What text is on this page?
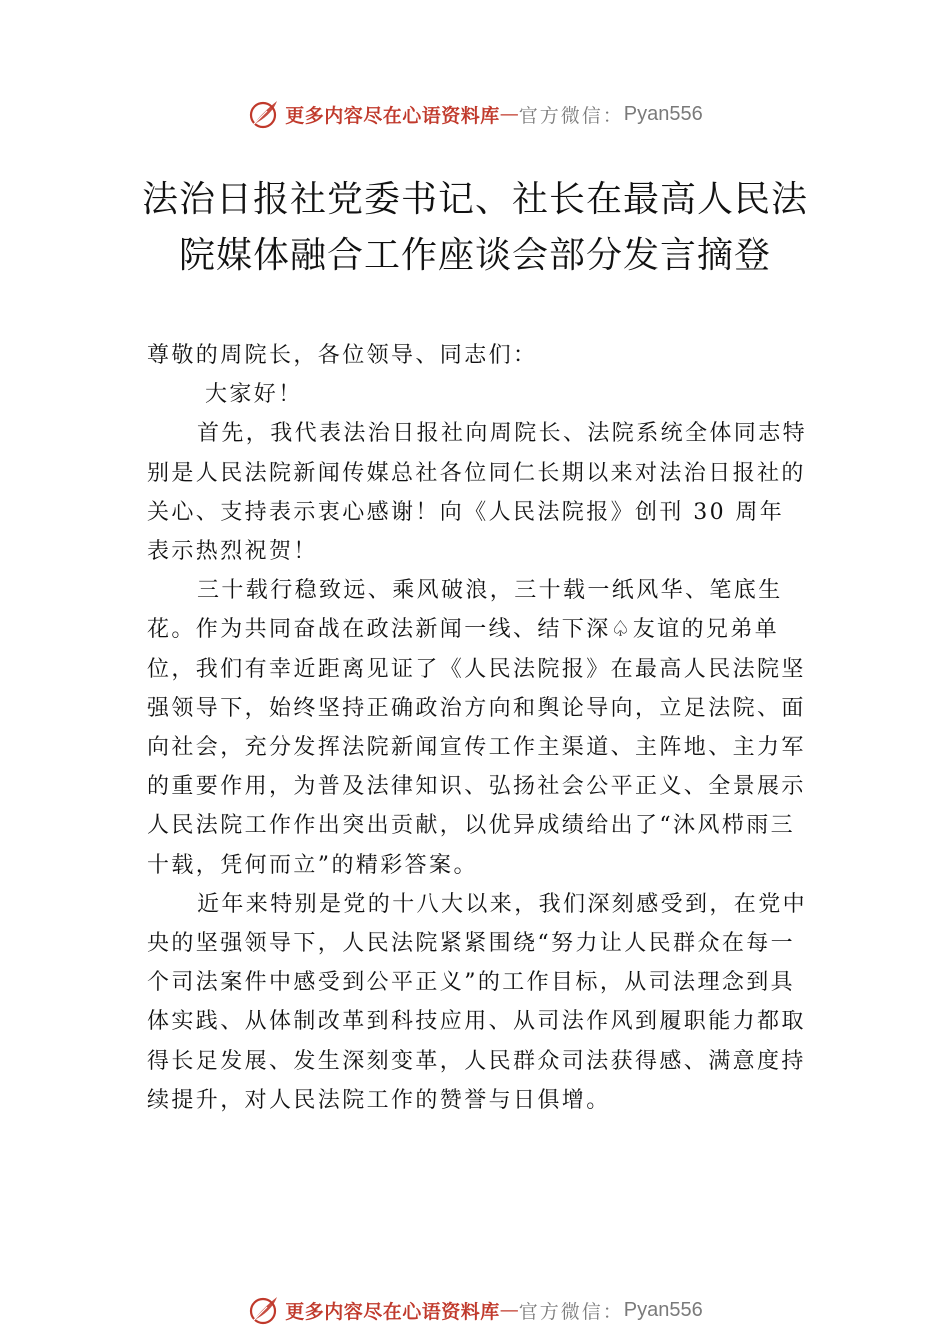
更多内容尽在心语资料库 — 官方微信： Pyan556
法治日报社党委书记、社长在最高人民法
院媒体融合工作座谈会部分发言摘登

尊敬的周院长，各位领导、同志们：

大家好！

首先，我代表法治日报社向周院长、法院系统全体同志特别是人民法院新闻传媒总社各位同仁长期以来对法治日报社的关心、支持表示衷心感谢！向《人民法院报》创刊 30 周年表示热烈祝贺！

三十载行稳致远、乘风破浪，三十载一纸风华、笔底生花。作为共同奋战在政法新闻一线、结下深♤友谊的兄弟单位，我们有幸近距离见证了《人民法院报》在最高人民法院坚强领导下，始终坚持正确政治方向和舆论导向，立足法院、面向社会，充分发挥法院新闻宣传工作主渠道、主阵地、主力军的重要作用，为普及法律知识、弘扬社会公平正义、全景展示人民法院工作作出突出贡献，以优异成绩给出了“沐风栉雨三十载，凭何而立”的精彩答案。

近年来特别是党的十八大以来，我们深刻感受到，在党中央的坚强领导下，人民法院紧紧围绕“努力让人民群众在每一个司法案件中感受到公平正义”的工作目标，从司法理念到具体实践、从体制改革到科技应用、从司法作风到履职能力都取得长足发展、发生深刻变革，人民群众司法获得感、满意度持续提升，对人民法院工作的赞誉与日俱增。

更多内容尽在心语资料库 — 官方微信： Pyan556
